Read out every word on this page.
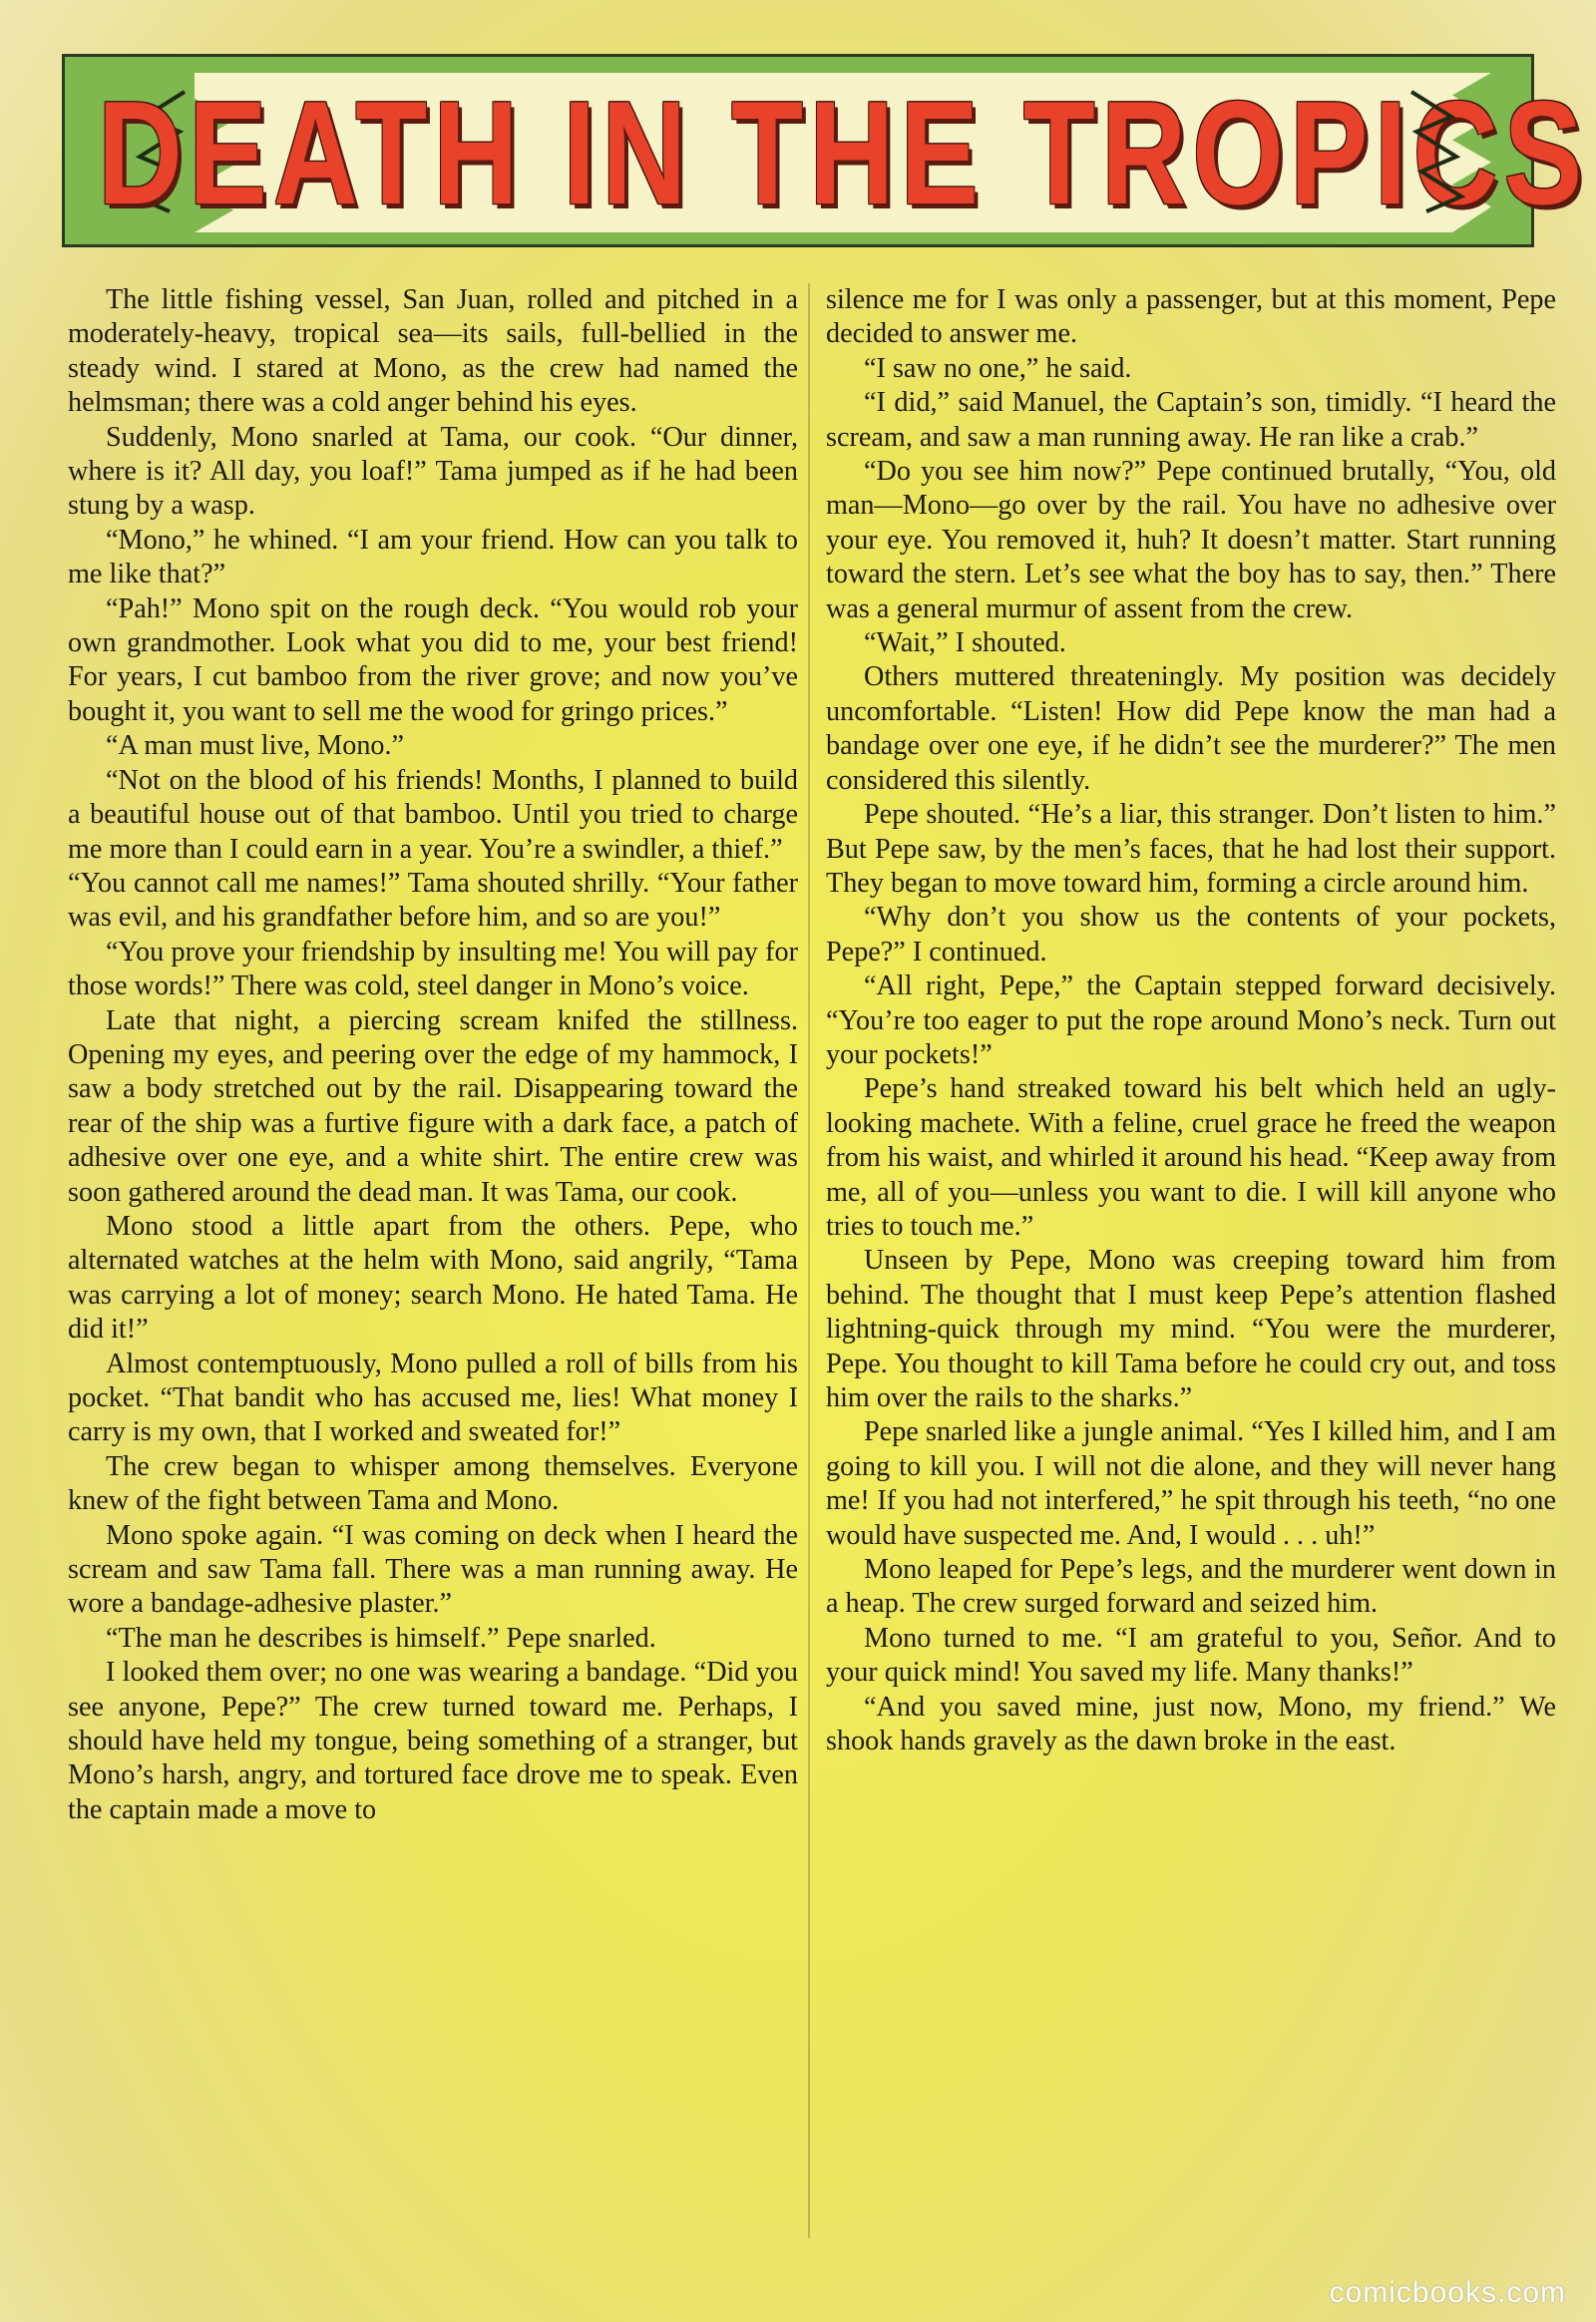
DEATH IN THE TROPICS

The little fishing vessel, San Juan, rolled and pitched in a moderately-heavy, tropical sea—its sails, full-bellied in the steady wind. I stared at Mono, as the crew had named the helmsman; there was a cold anger behind his eyes.

Suddenly, Mono snarled at Tama, our cook. “Our dinner, where is it? All day, you loaf!” Tama jumped as if he had been stung by a wasp.

“Mono,” he whined. “I am your friend. How can you talk to me like that?”

“Pah!” Mono spit on the rough deck. “You would rob your own grandmother. Look what you did to me, your best friend! For years, I cut bamboo from the river grove; and now you’ve bought it, you want to sell me the wood for gringo prices.”

“A man must live, Mono.”

“Not on the blood of his friends! Months, I planned to build a beautiful house out of that bamboo. Until you tried to charge me more than I could earn in a year. You’re a swindler, a thief.”

“You cannot call me names!” Tama shouted shrilly. “Your father was evil, and his grandfather before him, and so are you!”

“You prove your friendship by insulting me! You will pay for those words!” There was cold, steel danger in Mono’s voice.

Late that night, a piercing scream knifed the stillness. Opening my eyes, and peering over the edge of my hammock, I saw a body stretched out by the rail. Disappearing toward the rear of the ship was a furtive figure with a dark face, a patch of adhesive over one eye, and a white shirt. The entire crew was soon gathered around the dead man. It was Tama, our cook.

Mono stood a little apart from the others. Pepe, who alternated watches at the helm with Mono, said angrily, “Tama was carrying a lot of money; search Mono. He hated Tama. He did it!”

Almost contemptuously, Mono pulled a roll of bills from his pocket. “That bandit who has accused me, lies! What money I carry is my own, that I worked and sweated for!”

The crew began to whisper among themselves. Everyone knew of the fight between Tama and Mono.

Mono spoke again. “I was coming on deck when I heard the scream and saw Tama fall. There was a man running away. He wore a bandage-adhesive plaster.”

“The man he describes is himself.” Pepe snarled.

I looked them over; no one was wearing a bandage. “Did you see anyone, Pepe?” The crew turned toward me. Perhaps, I should have held my tongue, being something of a stranger, but Mono’s harsh, angry, and tortured face drove me to speak. Even the captain made a move to

silence me for I was only a passenger, but at this moment, Pepe decided to answer me.

“I saw no one,” he said.

“I did,” said Manuel, the Captain’s son, timidly. “I heard the scream, and saw a man running away. He ran like a crab.”

“Do you see him now?” Pepe continued brutally, “You, old man—Mono—go over by the rail. You have no adhesive over your eye. You removed it, huh? It doesn’t matter. Start running toward the stern. Let’s see what the boy has to say, then.” There was a general murmur of assent from the crew.

“Wait,” I shouted.

Others muttered threateningly. My position was decidely uncomfortable. “Listen! How did Pepe know the man had a bandage over one eye, if he didn’t see the murderer?” The men considered this silently.

Pepe shouted. “He’s a liar, this stranger. Don’t listen to him.” But Pepe saw, by the men’s faces, that he had lost their support. They began to move toward him, forming a circle around him.

“Why don’t you show us the contents of your pockets, Pepe?” I continued.

“All right, Pepe,” the Captain stepped forward decisively. “You’re too eager to put the rope around Mono’s neck. Turn out your pockets!”

Pepe’s hand streaked toward his belt which held an ugly-looking machete. With a feline, cruel grace he freed the weapon from his waist, and whirled it around his head. “Keep away from me, all of you—unless you want to die. I will kill anyone who tries to touch me.”

Unseen by Pepe, Mono was creeping toward him from behind. The thought that I must keep Pepe’s attention flashed lightning-quick through my mind. “You were the murderer, Pepe. You thought to kill Tama before he could cry out, and toss him over the rails to the sharks.”

Pepe snarled like a jungle animal. “Yes I killed him, and I am going to kill you. I will not die alone, and they will never hang me! If you had not interfered,” he spit through his teeth, “no one would have suspected me. And, I would . . . uh!”

Mono leaped for Pepe’s legs, and the murderer went down in a heap. The crew surged forward and seized him.

Mono turned to me. “I am grateful to you, Señor. And to your quick mind! You saved my life. Many thanks!”

“And you saved mine, just now, Mono, my friend.” We shook hands gravely as the dawn broke in the east.

comicbooks.com
